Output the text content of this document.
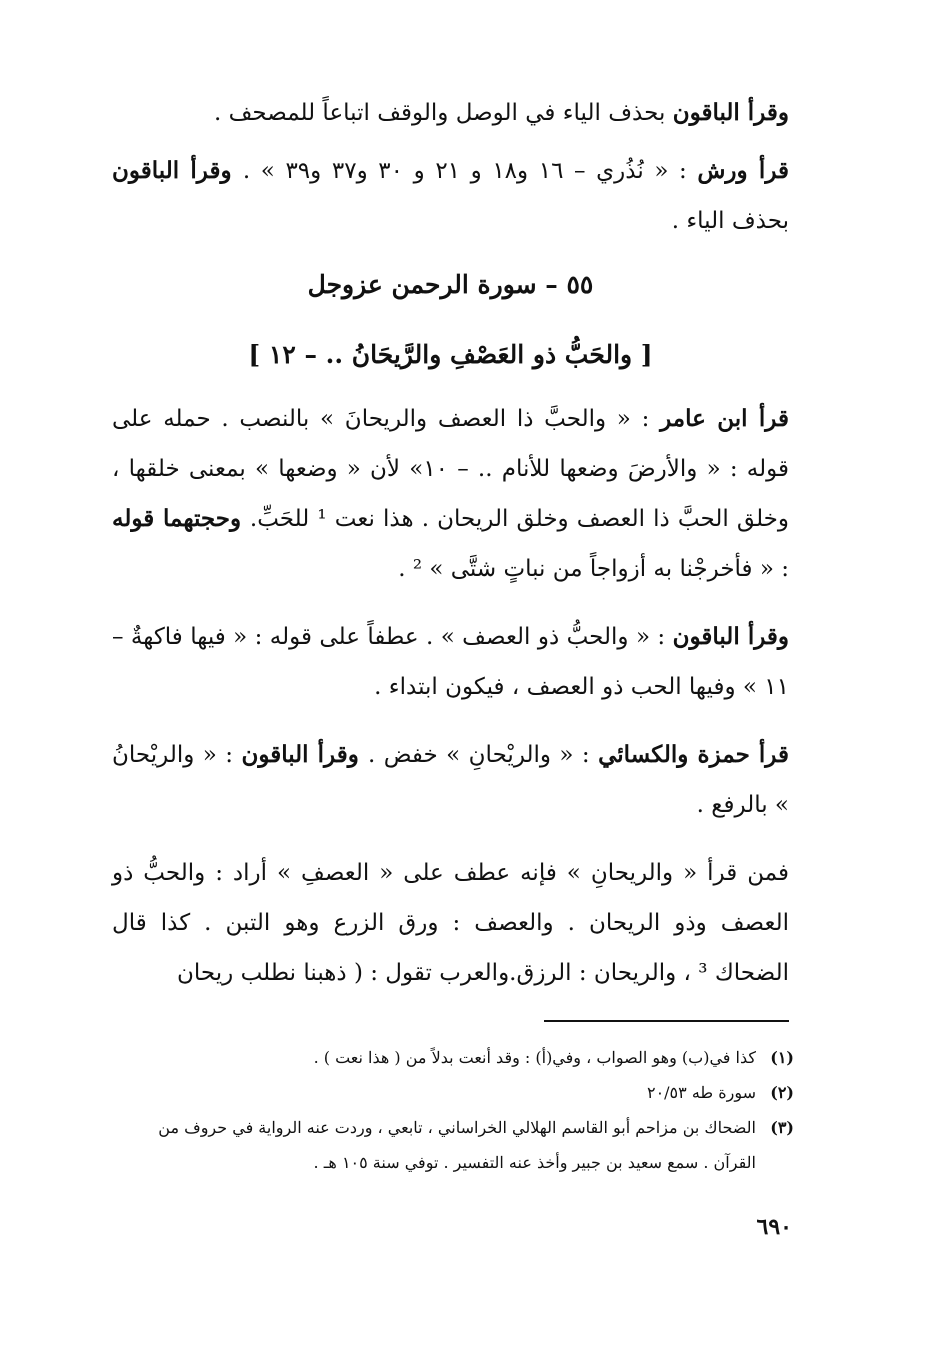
وقرأ الباقون بحذف الياء في الوصل والوقف اتباعاً للمصحف .

قرأ ورش : « نُذُري – ١٦ و١٨ و ٢١ و ٣٠ و٣٧ و٣٩ » . وقرأ الباقون بحذف الياء .

٥٥ – سورة الرحمن عزوجل
[ والحَبُّ ذو العَصْفِ والرَّيحَانُ .. – ١٢ ]

قرأ ابن عامر : « والحبَّ ذا العصف والريحانَ » بالنصب . حمله على قوله : « والأرضَ وضعها للأنام .. – ١٠» لأن « وضعها » بمعنى خلقها ، وخلق الحبَّ ذا العصف وخلق الريحان . هذا نعت ¹ للحَبِّ. وحجتهما قوله : « فأخرجْنا به أزواجاً من نباتٍ شتَّى » ² .

وقرأ الباقون : « والحبُّ ذو العصف » . عطفاً على قوله : « فيها فاكهةٌ – ١١ » وفيها الحب ذو العصف ، فيكون ابتداء .

قرأ حمزة والكسائي : « والريْحانِ » خفض . وقرأ الباقون : « والريْحانُ » بالرفع .

فمن قرأ « والريحانِ » فإنه عطف على « العصفِ » أراد : والحبُّ ذو العصف وذو الريحان . والعصف : ورق الزرع وهو التبن . كذا قال الضحاك ³ ، والريحان : الرزق.والعرب تقول : ( ذهبنا نطلب ريحان

(١)
كذا في(ب) وهو الصواب ، وفي(أ) : وقد أنعت بدلاً من ( هذا نعت ) .
(٢)
سورة طه ٢٠/٥٣
(٣)
الضحاك بن مزاحم أبو القاسم الهلالي الخراساني ، تابعي ، وردت عنه الرواية في حروف من القرآن . سمع سعيد بن جبير وأخذ عنه التفسير . توفي سنة ١٠٥ هـ .
٦٩٠
